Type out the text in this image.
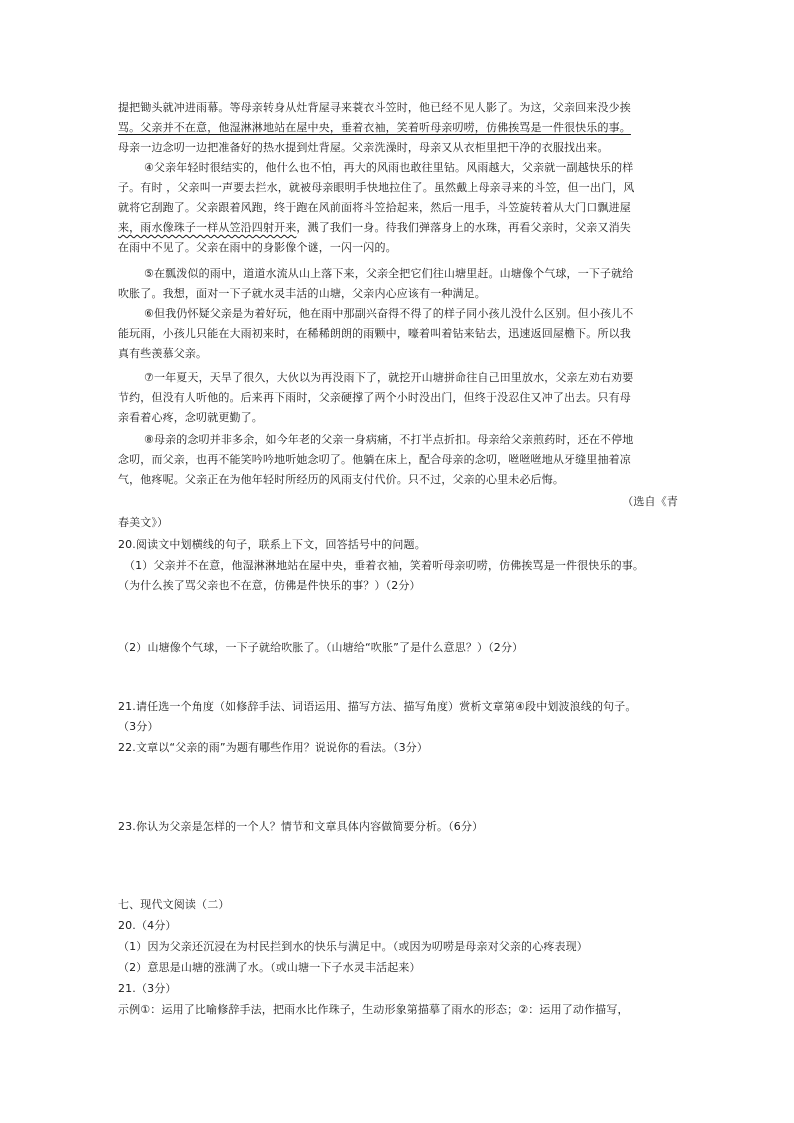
提把锄头就冲进雨幕。等母亲转身从灶背屋寻来蓑衣斗笠时，他已经不见人影了。为这，父亲回来没少挨
骂。父亲并不在意，他湿淋淋地站在屋中央，垂着衣袖，笑着听母亲叨唠，仿佛挨骂是一件很快乐的事。
母亲一边念叨一边把准备好的热水提到灶背屋。父亲洗澡时，母亲又从衣柜里把干净的衣服找出来。
④父亲年轻时很结实的，他什么也不怕，再大的风雨也敢往里钻。风雨越大，父亲就一副越快乐的样
子。有时 ，父亲叫一声要去拦水，就被母亲眼明手快地拉住了。虽然戴上母亲寻来的斗笠，但一出门，风
就将它刮跑了。父亲跟着风跑，终于跑在风前面将斗笠拾起来，然后一甩手，斗笠旋转着从大门口飘进屋
来，雨水像珠子一样从笠沿四射开来，溅了我们一身。待我们弹落身上的水珠，再看父亲时，父亲又消失
在雨中不见了。父亲在雨中的身影像个谜，一闪一闪的。
⑤在瓢泼似的雨中，道道水流从山上落下来，父亲全把它们往山塘里赶。山塘像个气球，一下子就给
吹胀了。我想，面对一下子就水灵丰活的山塘，父亲内心应该有一种满足。
⑥但我仍怀疑父亲是为着好玩，他在雨中那副兴奋得不得了的样子同小孩儿没什么区别。但小孩儿不
能玩雨，小孩儿只能在大雨初来时，在稀稀朗朗的雨颗中，嚎着叫着钻来钻去，迅速返回屋檐下。所以我
真有些羡慕父亲。
⑦一年夏天，天旱了很久，大伙以为再没雨下了，就挖开山塘拼命往自己田里放水，父亲左劝右劝要
节约，但没有人听他的。后来再下雨时，父亲硬撑了两个小时没出门，但终于没忍住又冲了出去。只有母
亲看着心疼，念叨就更勤了。
⑧母亲的念叨并非多余，如今年老的父亲一身病痛，不打半点折扣。母亲给父亲煎药时，还在不停地
念叨，而父亲，也再不能笑吟吟地听她念叨了。他躺在床上，配合母亲的念叨，咝咝咝地从牙缝里抽着凉
气，他疼呢。父亲正在为他年轻时所经历的风雨支付代价。只不过，父亲的心里未必后悔。
（选自《青
春美文》）
20.阅读文中划横线的句子，联系上下文，回答括号中的问题。
（1）父亲并不在意，他湿淋淋地站在屋中央，垂着衣袖，笑着听母亲叨唠，仿佛挨骂是一件很快乐的事。
（为什么挨了骂父亲也不在意，仿佛是件快乐的事？）（2分）
（2）山塘像个气球，一下子就给吹胀了。（山塘给“吹胀”了是什么意思？）（2分）
21.请任选一个角度（如修辞手法、词语运用、描写方法、描写角度）赏析文章第④段中划波浪线的句子。
（3分）
22.文章以“父亲的雨”为题有哪些作用？说说你的看法。（3分）
23.你认为父亲是怎样的一个人？情节和文章具体内容做简要分析。（6分）
七、现代文阅读（二）
20.（4分）
（1）因为父亲还沉浸在为村民拦到水的快乐与满足中。（或因为叨唠是母亲对父亲的心疼表现）
（2）意思是山塘的涨满了水。（或山塘一下子水灵丰活起来）
21.（3分）
示例①：运用了比喻修辞手法，把雨水比作珠子，生动形象第描摹了雨水的形态；②：运用了动作描写，
